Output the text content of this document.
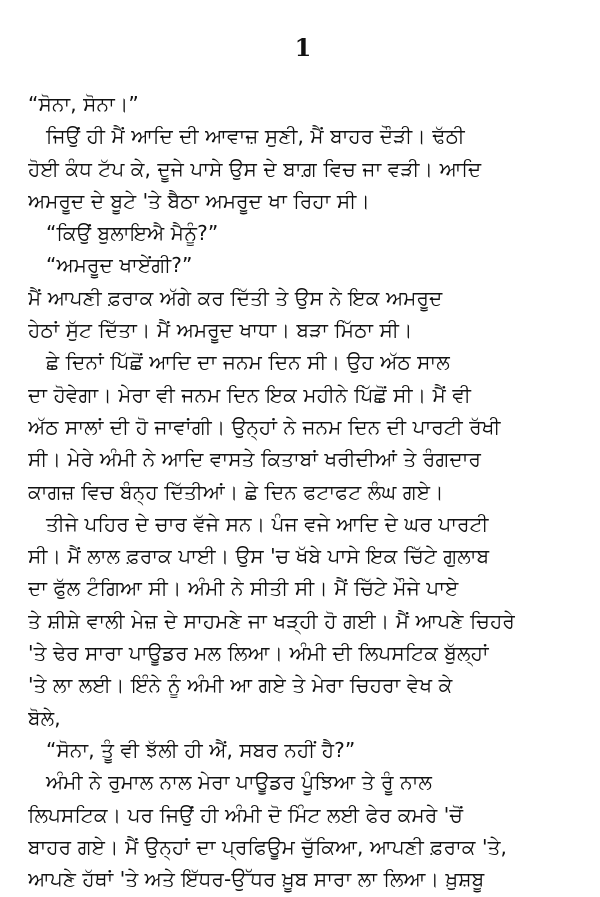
1
“ਸੋਨਾ, ਸੋਨਾ।”
ਜਿਉਂ ਹੀ ਮੈਂ ਆਦਿ ਦੀ ਆਵਾਜ਼ ਸੁਣੀ, ਮੈਂ ਬਾਹਰ ਦੌੜੀ। ਢੱਠੀ
ਹੋਈ ਕੰਧ ਟੱਪ ਕੇ, ਦੂਜੇ ਪਾਸੇ ਉਸ ਦੇ ਬਾਗ਼ ਵਿਚ ਜਾ ਵੜੀ। ਆਦਿ
ਅਮਰੂਦ ਦੇ ਬੂਟੇ 'ਤੇ ਬੈਠਾ ਅਮਰੂਦ ਖਾ ਰਿਹਾ ਸੀ।
“ਕਿਉਂ ਬੁਲਾਇਐ ਮੈਨੂੰ?”
“ਅਮਰੂਦ ਖਾਏਂਗੀ?”
ਮੈਂ ਆਪਣੀ ਫ਼ਰਾਕ ਅੱਗੇ ਕਰ ਦਿੱਤੀ ਤੇ ਉਸ ਨੇ ਇਕ ਅਮਰੂਦ
ਹੇਠਾਂ ਸੁੱਟ ਦਿੱਤਾ। ਮੈਂ ਅਮਰੂਦ ਖਾਧਾ। ਬੜਾ ਮਿੱਠਾ ਸੀ।
ਛੇ ਦਿਨਾਂ ਪਿੱਛੋਂ ਆਦਿ ਦਾ ਜਨਮ ਦਿਨ ਸੀ। ਉਹ ਅੱਠ ਸਾਲ
ਦਾ ਹੋਵੇਗਾ। ਮੇਰਾ ਵੀ ਜਨਮ ਦਿਨ ਇਕ ਮਹੀਨੇ ਪਿੱਛੋਂ ਸੀ। ਮੈਂ ਵੀ
ਅੱਠ ਸਾਲਾਂ ਦੀ ਹੋ ਜਾਵਾਂਗੀ। ਉਨ੍ਹਾਂ ਨੇ ਜਨਮ ਦਿਨ ਦੀ ਪਾਰਟੀ ਰੱਖੀ
ਸੀ। ਮੇਰੇ ਅੰਮੀ ਨੇ ਆਦਿ ਵਾਸਤੇ ਕਿਤਾਬਾਂ ਖਰੀਦੀਆਂ ਤੇ ਰੰਗਦਾਰ
ਕਾਗਜ਼ ਵਿਚ ਬੰਨ੍ਹ ਦਿੱਤੀਆਂ। ਛੇ ਦਿਨ ਫਟਾਫਟ ਲੰਘ ਗਏ।
ਤੀਜੇ ਪਹਿਰ ਦੇ ਚਾਰ ਵੱਜੇ ਸਨ। ਪੰਜ ਵਜੇ ਆਦਿ ਦੇ ਘਰ ਪਾਰਟੀ
ਸੀ। ਮੈਂ ਲਾਲ ਫ਼ਰਾਕ ਪਾਈ। ਉਸ 'ਚ ਖੱਬੇ ਪਾਸੇ ਇਕ ਚਿੱਟੇ ਗੁਲਾਬ
ਦਾ ਫੁੱਲ ਟੰਗਿਆ ਸੀ। ਅੰਮੀ ਨੇ ਸੀਤੀ ਸੀ। ਮੈਂ ਚਿੱਟੇ ਮੌਜੇ ਪਾਏ
ਤੇ ਸ਼ੀਸ਼ੇ ਵਾਲੀ ਮੇਜ਼ ਦੇ ਸਾਹਮਣੇ ਜਾ ਖੜ੍ਹੀ ਹੋ ਗਈ। ਮੈਂ ਆਪਣੇ ਚਿਹਰੇ
'ਤੇ ਢੇਰ ਸਾਰਾ ਪਾਊਡਰ ਮਲ ਲਿਆ। ਅੰਮੀ ਦੀ ਲਿਪਸਟਿਕ ਬੁੱਲ੍ਹਾਂ
'ਤੇ ਲਾ ਲਈ। ਇੰਨੇ ਨੂੰ ਅੰਮੀ ਆ ਗਏ ਤੇ ਮੇਰਾ ਚਿਹਰਾ ਵੇਖ ਕੇ
ਬੋਲੇ,
“ਸੋਨਾ, ਤੂੰ ਵੀ ਝੱਲੀ ਹੀ ਐਂ, ਸਬਰ ਨਹੀਂ ਹੈ?”
ਅੰਮੀ ਨੇ ਰੁਮਾਲ ਨਾਲ ਮੇਰਾ ਪਾਊਡਰ ਪੂੰਝਿਆ ਤੇ ਰੂੰ ਨਾਲ
ਲਿਪਸਟਿਕ। ਪਰ ਜਿਉਂ ਹੀ ਅੰਮੀ ਦੋ ਮਿੰਟ ਲਈ ਫੇਰ ਕਮਰੇ 'ਚੋਂ
ਬਾਹਰ ਗਏ। ਮੈਂ ਉਨ੍ਹਾਂ ਦਾ ਪ੍ਰਫਿਊਮ ਚੁੱਕਿਆ, ਆਪਣੀ ਫ਼ਰਾਕ 'ਤੇ,
ਆਪਣੇ ਹੱਥਾਂ 'ਤੇ ਅਤੇ ਇੱਧਰ-ਉੱਧਰ ਖ਼ੂਬ ਸਾਰਾ ਲਾ ਲਿਆ। ਖ਼ੁਸ਼ਬੂ
